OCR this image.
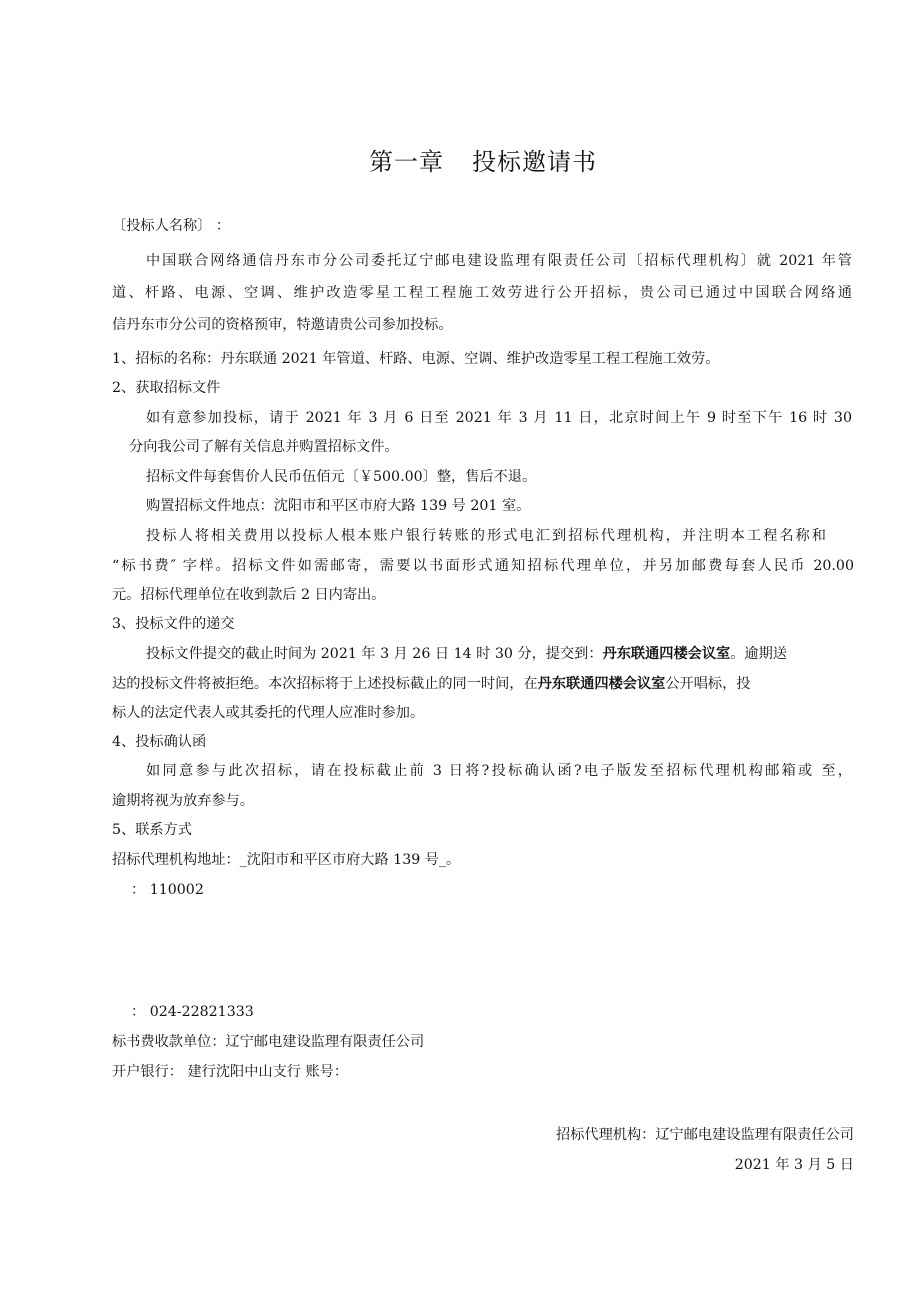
第一章 投标邀请书
〔投标人名称〕 ：
中国联合网络通信丹东市分公司委托辽宁邮电建设监理有限责任公司〔招标代理机构〕就 2021 年管
道、杆路、电源、空调、维护改造零星工程工程施工效劳进行公开招标，贵公司已通过中国联合网络通
信丹东市分公司的资格预审，特邀请贵公司参加投标。
1、招标的名称：丹东联通 2021 年管道、杆路、电源、空调、维护改造零星工程工程施工效劳。
2、获取招标文件
如有意参加投标，请于 2021 年 3 月 6 日至 2021 年 3 月 11 日，北京时间上午 9 时至下午 16 时 30
分向我公司了解有关信息并购置招标文件。
招标文件每套售价人民币伍佰元〔￥500.00〕整，售后不退。
购置招标文件地点：沈阳市和平区市府大路 139 号 201 室。
投标人将相关费用以投标人根本账户银行转账的形式电汇到招标代理机构，并注明本工程名称和
“标书费″ 字样。招标文件如需邮寄，需要以书面形式通知招标代理单位，并另加邮费每套人民币 20.00
元。招标代理单位在收到款后 2 日内寄出。
3、投标文件的递交
投标文件提交的截止时间为 2021 年 3 月 26 日 14 时 30 分，提交到：丹东联通四楼会议室。逾期送
达的投标文件将被拒绝。本次招标将于上述投标截止的同一时间，在丹东联通四楼会议室公开唱标，投
标人的法定代表人或其委托的代理人应准时参加。
4、投标确认函
如同意参与此次招标，请在投标截止前 3 日将?投标确认函?电子版发至招标代理机构邮箱或 至，
逾期将视为放弃参与。
5、联系方式
招标代理机构地址：_沈阳市和平区市府大路 139 号_。
： 110002
： 024-22821333
标书费收款单位：辽宁邮电建设监理有限责任公司
开户银行： 建行沈阳中山支行 账号：
招标代理机构：辽宁邮电建设监理有限责任公司
2021 年 3 月 5 日
